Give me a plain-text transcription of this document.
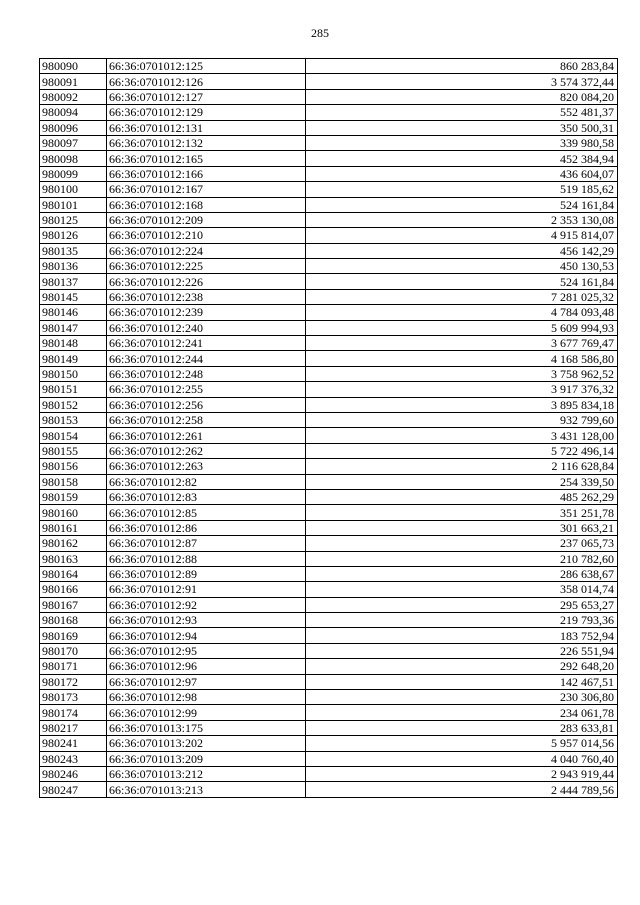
285
980090	66:36:0701012:125	860 283,84
980091	66:36:0701012:126	3 574 372,44
980092	66:36:0701012:127	820 084,20
980094	66:36:0701012:129	552 481,37
980096	66:36:0701012:131	350 500,31
980097	66:36:0701012:132	339 980,58
980098	66:36:0701012:165	452 384,94
980099	66:36:0701012:166	436 604,07
980100	66:36:0701012:167	519 185,62
980101	66:36:0701012:168	524 161,84
980125	66:36:0701012:209	2 353 130,08
980126	66:36:0701012:210	4 915 814,07
980135	66:36:0701012:224	456 142,29
980136	66:36:0701012:225	450 130,53
980137	66:36:0701012:226	524 161,84
980145	66:36:0701012:238	7 281 025,32
980146	66:36:0701012:239	4 784 093,48
980147	66:36:0701012:240	5 609 994,93
980148	66:36:0701012:241	3 677 769,47
980149	66:36:0701012:244	4 168 586,80
980150	66:36:0701012:248	3 758 962,52
980151	66:36:0701012:255	3 917 376,32
980152	66:36:0701012:256	3 895 834,18
980153	66:36:0701012:258	932 799,60
980154	66:36:0701012:261	3 431 128,00
980155	66:36:0701012:262	5 722 496,14
980156	66:36:0701012:263	2 116 628,84
980158	66:36:0701012:82	254 339,50
980159	66:36:0701012:83	485 262,29
980160	66:36:0701012:85	351 251,78
980161	66:36:0701012:86	301 663,21
980162	66:36:0701012:87	237 065,73
980163	66:36:0701012:88	210 782,60
980164	66:36:0701012:89	286 638,67
980166	66:36:0701012:91	358 014,74
980167	66:36:0701012:92	295 653,27
980168	66:36:0701012:93	219 793,36
980169	66:36:0701012:94	183 752,94
980170	66:36:0701012:95	226 551,94
980171	66:36:0701012:96	292 648,20
980172	66:36:0701012:97	142 467,51
980173	66:36:0701012:98	230 306,80
980174	66:36:0701012:99	234 061,78
980217	66:36:0701013:175	283 633,81
980241	66:36:0701013:202	5 957 014,56
980243	66:36:0701013:209	4 040 760,40
980246	66:36:0701013:212	2 943 919,44
980247	66:36:0701013:213	2 444 789,56
